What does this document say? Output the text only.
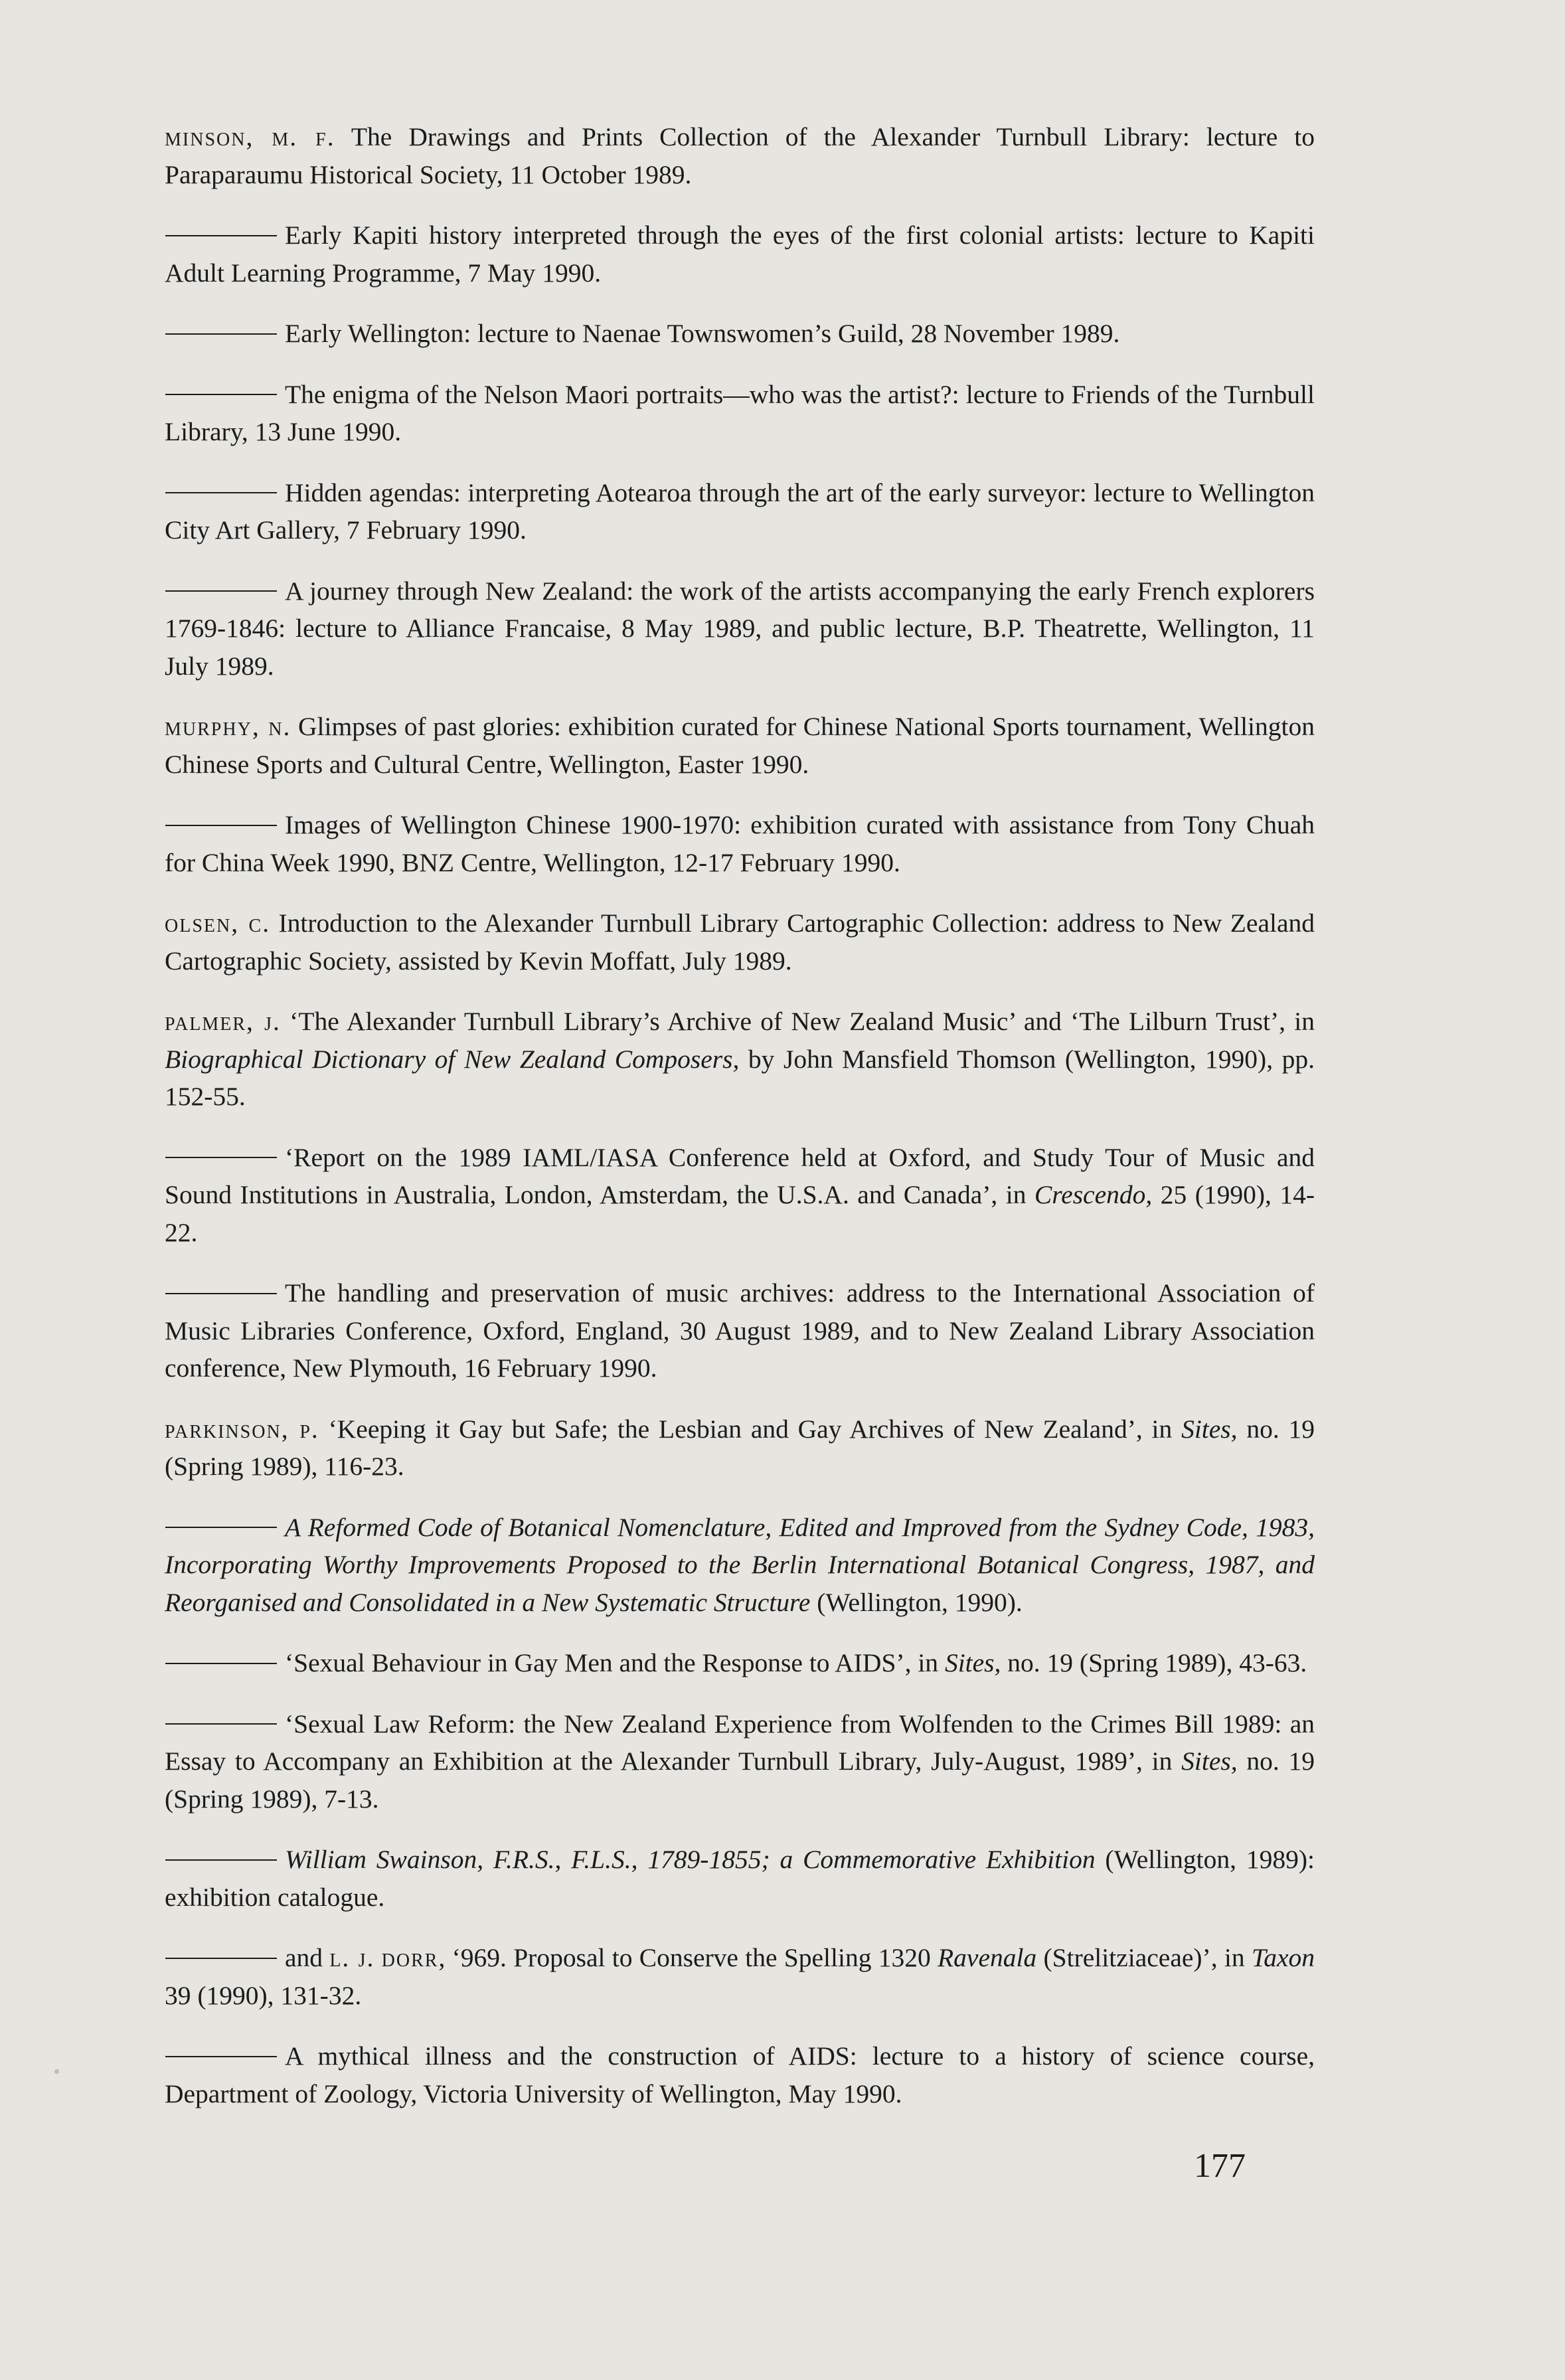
minson, m. f. The Drawings and Prints Collection of the Alexander Turnbull Library: lecture to Paraparaumu Historical Society, 11 October 1989.

Early Kapiti history interpreted through the eyes of the first colonial artists: lecture to Kapiti Adult Learning Programme, 7 May 1990.

Early Wellington: lecture to Naenae Townswomen’s Guild, 28 November 1989.

The enigma of the Nelson Maori portraits—who was the artist?: lecture to Friends of the Turnbull Library, 13 June 1990.

Hidden agendas: interpreting Aotearoa through the art of the early surveyor: lecture to Wellington City Art Gallery, 7 February 1990.

A journey through New Zealand: the work of the artists accompanying the early French explorers 1769-1846: lecture to Alliance Francaise, 8 May 1989, and public lecture, B.P. Theatrette, Wellington, 11 July 1989.

murphy, n. Glimpses of past glories: exhibition curated for Chinese National Sports tournament, Wellington Chinese Sports and Cultural Centre, Wellington, Easter 1990.

Images of Wellington Chinese 1900-1970: exhibition curated with assistance from Tony Chuah for China Week 1990, BNZ Centre, Wellington, 12-17 February 1990.

olsen, c. Introduction to the Alexander Turnbull Library Cartographic Collection: address to New Zealand Cartographic Society, assisted by Kevin Moffatt, July 1989.

palmer, j. ‘The Alexander Turnbull Library’s Archive of New Zealand Music’ and ‘The Lilburn Trust’, in Biographical Dictionary of New Zealand Composers, by John Mansfield Thomson (Wellington, 1990), pp. 152-55.

‘Report on the 1989 IAML/IASA Conference held at Oxford, and Study Tour of Music and Sound Institutions in Australia, London, Amsterdam, the U.S.A. and Canada’, in Crescendo, 25 (1990), 14-22.

The handling and preservation of music archives: address to the International Association of Music Libraries Conference, Oxford, England, 30 August 1989, and to New Zealand Library Association conference, New Plymouth, 16 February 1990.

parkinson, p. ‘Keeping it Gay but Safe; the Lesbian and Gay Archives of New Zealand’, in Sites, no. 19 (Spring 1989), 116-23.

A Reformed Code of Botanical Nomenclature, Edited and Improved from the Sydney Code, 1983, Incorporating Worthy Improvements Proposed to the Berlin International Botanical Congress, 1987, and Reorganised and Consolidated in a New Systematic Structure (Wellington, 1990).

‘Sexual Behaviour in Gay Men and the Response to AIDS’, in Sites, no. 19 (Spring 1989), 43-63.

‘Sexual Law Reform: the New Zealand Experience from Wolfenden to the Crimes Bill 1989: an Essay to Accompany an Exhibition at the Alexander Turnbull Library, July-August, 1989’, in Sites, no. 19 (Spring 1989), 7-13.

William Swainson, F.R.S., F.L.S., 1789-1855; a Commemorative Exhibition (Wellington, 1989): exhibition catalogue.

and l. j. dorr, ‘969. Proposal to Conserve the Spelling 1320 Ravenala (Strelitziaceae)’, in Taxon 39 (1990), 131-32.

A mythical illness and the construction of AIDS: lecture to a history of science course, Department of Zoology, Victoria University of Wellington, May 1990.

177
